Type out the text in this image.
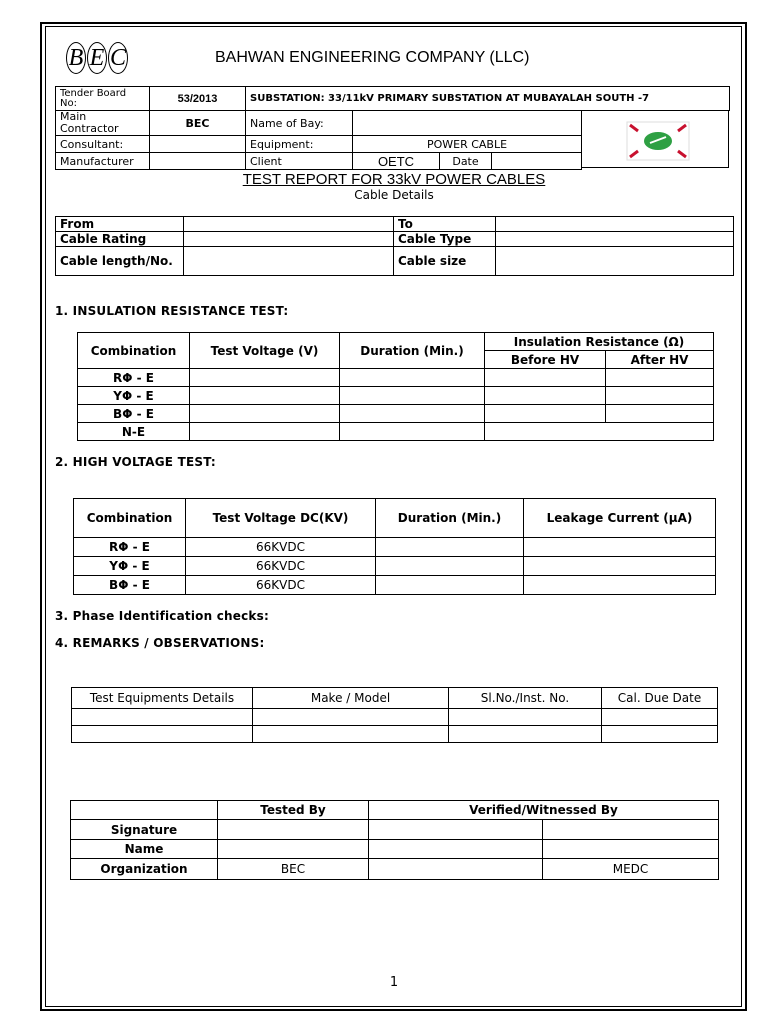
B E C	BAHWAN ENGINEERING COMPANY (LLC)
Tender Board No:	53/2013	SUBSTATION: 33/11kV PRIMARY SUBSTATION AT MUBAYALAH SOUTH -7
Main Contractor	BEC	Name of Bay:			
Consultant:		Equipment:	POWER CABLE		
Manufacturer		Client	OETC	Date	
TEST REPORT FOR 33kV POWER CABLES
Cable Details
From		To	
Cable Rating		Cable Type	
Cable length/No.		Cable size	
1. INSULATION RESISTANCE TEST:
Combination	Test Voltage (V)	Duration (Min.)	Insulation Resistance (Ω)	
			Before HV	After HV
RΦ - E				
YΦ - E				
BΦ - E				
N-E				
2. HIGH VOLTAGE TEST:
Combination	Test Voltage DC(KV)	Duration (Min.)	Leakage Current (μA)
RΦ - E	66KVDC		
YΦ - E	66KVDC		
BΦ - E	66KVDC		
3. Phase Identification checks:
4. REMARKS / OBSERVATIONS:
Test Equipments Details	Make / Model	Sl.No./Inst. No.	Cal. Due Date

	Tested By	Verified/Witnessed By	
Signature			
Name			
Organization	BEC		MEDC
1
